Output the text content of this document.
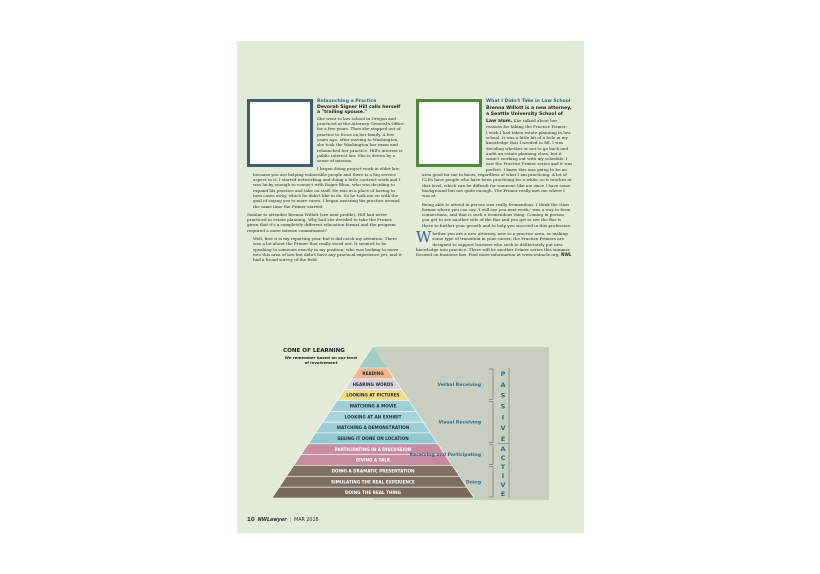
Relaunching a Practice
Devorah Signer Hill calls herself a "trailing spouse."

She went to law school in Oregon and practiced at the Attorney General's Office for a few years. Then she stepped out of practice to focus on her family. A few years ago, after moving to Washington, she took the Washington bar exam and relaunched her practice. Hill's interest is public interest law. She is driven by a sense of mission.

I began doing project work in elder law, because you are helping vulnerable people and there is a big service aspect to it. I started networking and doing a little contract work and I was lucky enough to connect with Roger Rhon, who was deciding to expand his practice and take on staff. He was in a place of having to turn cases away, which he didn't like to do. So he took me on with the goal of saying yes to more cases. I began assisting his practice around the same time the Primer started.

Similar to attendee Brenna Willott (see next profile), Hill had never practiced in estate planning. Why had she decided to take the Primer, given that it's a completely different education format and the program required a more intense commitment?

Well, first it is my reporting year, but it did catch my attention. There was a lot about the Primer that really stood out. It seemed to be speaking to someone exactly in my position, who was looking to move into this area of law but didn't have any practical experience yet, and it had a broad survey of the field.

What I Didn't Take in Law School
Brenna Willott is a new attorney, a Seattle University School of Law alum. She talked about her reasons for taking the Practice Primer:

I wish I had taken estate planning in law school. It was a little bit of a hole in my knowledge that I needed to fill. I was deciding whether or not to go back and audit an estate planning class, but it wasn't working out with my schedule. I saw the Practice Primer series and it was perfect. I knew this was going to be an area good for me to know, regardless of what I am practicing. A lot of CLEs have people who have been practicing for a while, so it teaches at that level, which can be difficult for someone like me since I have some background but not quite enough. The Primer really met me where I was at.

Being able to attend in person was really tremendous. I think the class format where you can say, 'I will see you next week,' was a way to form connections, and that is such a tremendous thing. Coming in person, you get to see another side of the Bar and you get to see the Bar is there to further your growth and to help you succeed in this profession.

Whether you are a new attorney, new to a practice area, or making some type of transition in your career, the Practice Primers are designed to support learners who seek to deliberately put new knowledge into practice. There will be another Primer series this summer focused on business law. Find more information at www.wsbacle.org. NWL

READING
HEARING WORDS
LOOKING AT PICTURES
WATCHING A MOVIE
LOOKING AT AN EXHIBIT
WATCHING A DEMONSTRATION
SEEING IT DONE ON LOCATION
PARTICIPATING IN A DISCUSSION
GIVING A TALK
DOING A DRAMATIC PRESENTATION
SIMULATING THE REAL EXPERIENCE
DOING THE REAL THING
Verbal Receiving
Visual Receiving
Receiving and Participating
Doing
P
A
S
S
I
V
E
A
C
T
I
V
E
CONE OF LEARNING
We remember based on our level of involvement
10 NWLawyer | MAR 2018
